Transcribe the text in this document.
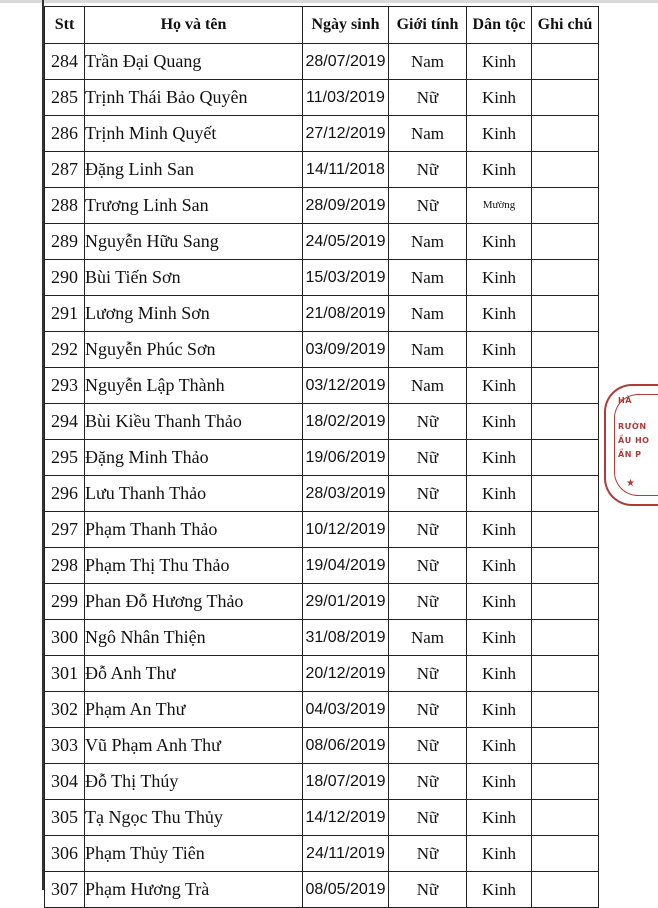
Stt	Họ và tên	Ngày sinh	Giới tính	Dân tộc	Ghi chú
284	Trần Đại Quang	28/07/2019	Nam	Kinh	
285	Trịnh Thái Bảo Quyên	11/03/2019	Nữ	Kinh	
286	Trịnh Minh Quyết	27/12/2019	Nam	Kinh	
287	Đặng Linh San	14/11/2018	Nữ	Kinh	
288	Trương Linh San	28/09/2019	Nữ	Mường	
289	Nguyễn Hữu Sang	24/05/2019	Nam	Kinh	
290	Bùi Tiến Sơn	15/03/2019	Nam	Kinh	
291	Lương Minh Sơn	21/08/2019	Nam	Kinh	
292	Nguyễn Phúc Sơn	03/09/2019	Nam	Kinh	
293	Nguyễn Lập Thành	03/12/2019	Nam	Kinh	
294	Bùi Kiều Thanh Thảo	18/02/2019	Nữ	Kinh	
295	Đặng Minh Thảo	19/06/2019	Nữ	Kinh	
296	Lưu Thanh Thảo	28/03/2019	Nữ	Kinh	
297	Phạm Thanh Thảo	10/12/2019	Nữ	Kinh	
298	Phạm Thị Thu Thảo	19/04/2019	Nữ	Kinh	
299	Phan Đỗ Hương Thảo	29/01/2019	Nữ	Kinh	
300	Ngô Nhân Thiện	31/08/2019	Nam	Kinh	
301	Đỗ Anh Thư	20/12/2019	Nữ	Kinh	
302	Phạm An Thư	04/03/2019	Nữ	Kinh	
303	Vũ Phạm Anh Thư	08/06/2019	Nữ	Kinh	
304	Đỗ Thị Thúy	18/07/2019	Nữ	Kinh	
305	Tạ Ngọc Thu Thủy	14/12/2019	Nữ	Kinh	
306	Phạm Thủy Tiên	24/11/2019	Nữ	Kinh	
307	Phạm Hương Trà	08/05/2019	Nữ	Kinh	
HÀ
RƯỜN
ẦU HO
ẦN P
★
